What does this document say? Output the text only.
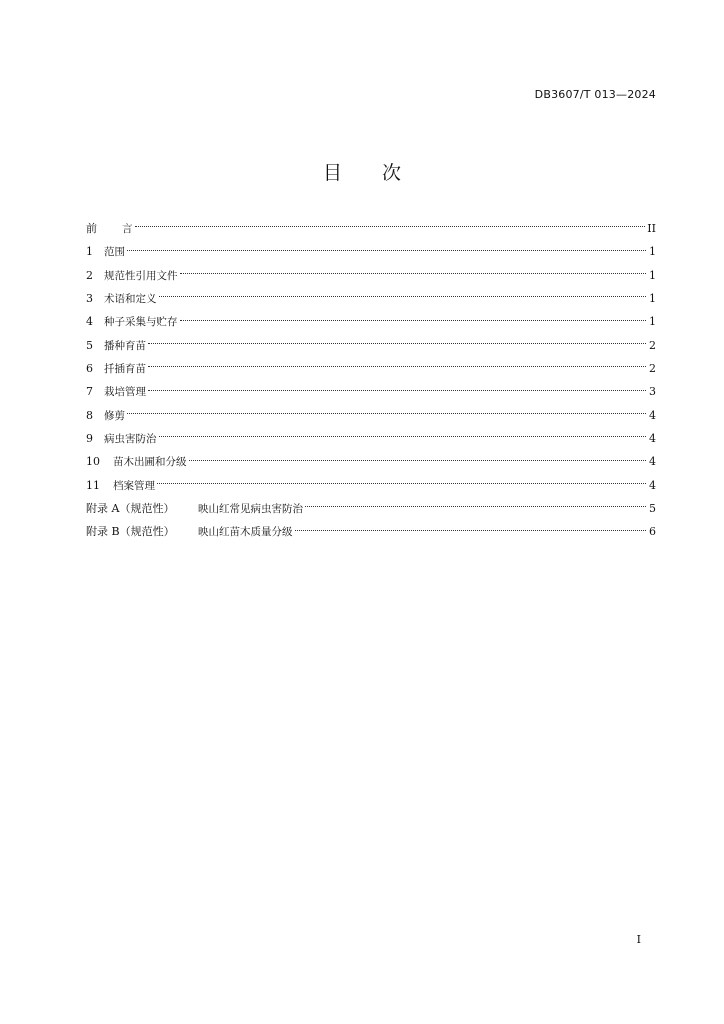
DB3607/T 013—2024
目 次
前	言	II
1	范围	1
2	规范性引用文件	1
3	术语和定义	1
4	种子采集与贮存	1
5	播种育苗	2
6	扦插育苗	2
7	栽培管理	3
8	修剪	4
9	病虫害防治	4
10	苗木出圃和分级	4
11	档案管理	4
附录 A（规范性）	映山红常见病虫害防治	5
附录 B（规范性）	映山红苗木质量分级	6
I
